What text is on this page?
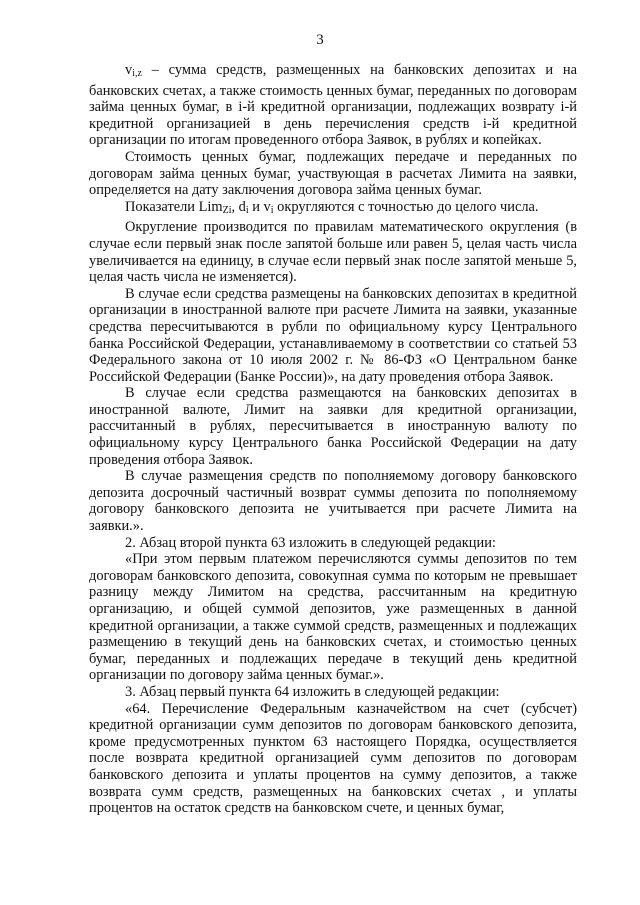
3

$v_{i,z}$ – сумма средств, размещенных на банковских депозитах и на банковских счетах, а также стоимость ценных бумаг, переданных по договорам займа ценных бумаг, в i-й кредитной организации, подлежащих возврату i-й кредитной организацией в день перечисления средств i-й кредитной организации по итогам проведенного отбора Заявок, в рублях и копейках.

Стоимость ценных бумаг, подлежащих передаче и переданных по договорам займа ценных бумаг, участвующая в расчетах Лимита на заявки, определяется на дату заключения договора займа ценных бумаг.

Показатели Lim$_{Zi}$, $d_i$ и $v_i$ округляются с точностью до целого числа.

Округление производится по правилам математического округления (в случае если первый знак после запятой больше или равен 5, целая часть числа увеличивается на единицу, в случае если первый знак после запятой меньше 5, целая часть числа не изменяется).

В случае если средства размещены на банковских депозитах в кредитной организации в иностранной валюте при расчете Лимита на заявки, указанные средства пересчитываются в рубли по официальному курсу Центрального банка Российской Федерации, устанавливаемому в соответствии со статьей 53 Федерального закона от 10 июля 2002 г. № 86-ФЗ «О Центральном банке Российской Федерации (Банке России)», на дату проведения отбора Заявок.

В случае если средства размещаются на банковских депозитах в иностранной валюте, Лимит на заявки для кредитной организации, рассчитанный в рублях, пересчитывается в иностранную валюту по официальному курсу Центрального банка Российской Федерации на дату проведения отбора Заявок.

В случае размещения средств по пополняемому договору банковского депозита досрочный частичный возврат суммы депозита по пополняемому договору банковского депозита не учитывается при расчете Лимита на заявки.».

2. Абзац второй пункта 63 изложить в следующей редакции:

«При этом первым платежом перечисляются суммы депозитов по тем договорам банковского депозита, совокупная сумма по которым не превышает разницу между Лимитом на средства, рассчитанным на кредитную организацию, и общей суммой депозитов, уже размещенных в данной кредитной организации, а также суммой средств, размещенных и подлежащих размещению в текущий день на банковских счетах, и стоимостью ценных бумаг, переданных и подлежащих передаче в текущий день кредитной организации по договору займа ценных бумаг.».

3. Абзац первый пункта 64 изложить в следующей редакции:

«64. Перечисление Федеральным казначейством на счет (субсчет) кредитной организации сумм депозитов по договорам банковского депозита, кроме предусмотренных пунктом 63 настоящего Порядка, осуществляется после возврата кредитной организацией сумм депозитов по договорам банковского депозита и уплаты процентов на сумму депозитов, а также возврата сумм средств, размещенных на банковских счетах , и уплаты процентов на остаток средств на банковском счете, и ценных бумаг,
